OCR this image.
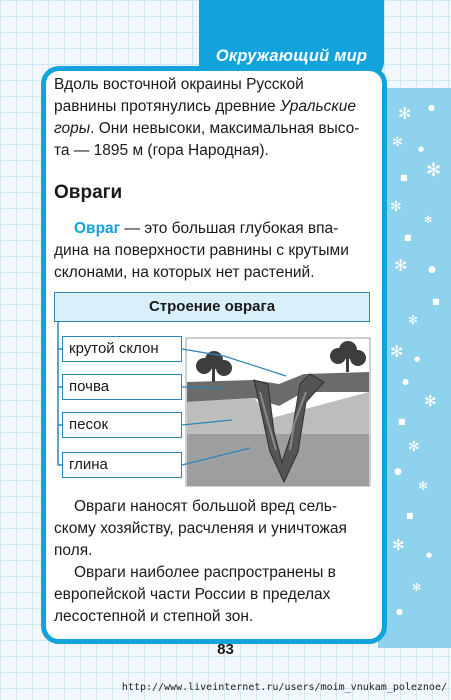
✻ ●
✻ ●
✻
■
✻
✻
■
✻ ●
■
✻
✻ ●
●
✻
■
✻
●
✻
■
✻
●
✻
●
Окружающий мир

Вдоль восточной окраины Русской

равнины протянулись древние Уральские

горы. Они невысоки, максимальная высо-

та — 1895 м (гора Народная).

Овраги

Овраг — это большая глубокая впа-

дина на поверхности равнины с крутыми

склонами, на которых нет растений.

Строение оврага
крутой склон
почва
песок
глина

Овраги наносят большой вред сель-

скому хозяйству, расчленяя и уничтожая

поля.

Овраги наиболее распространены в

европейской части России в пределах

лесостепной и степной зон.

83
http://www.liveinternet.ru/users/moim_vnukam_poleznoe/
